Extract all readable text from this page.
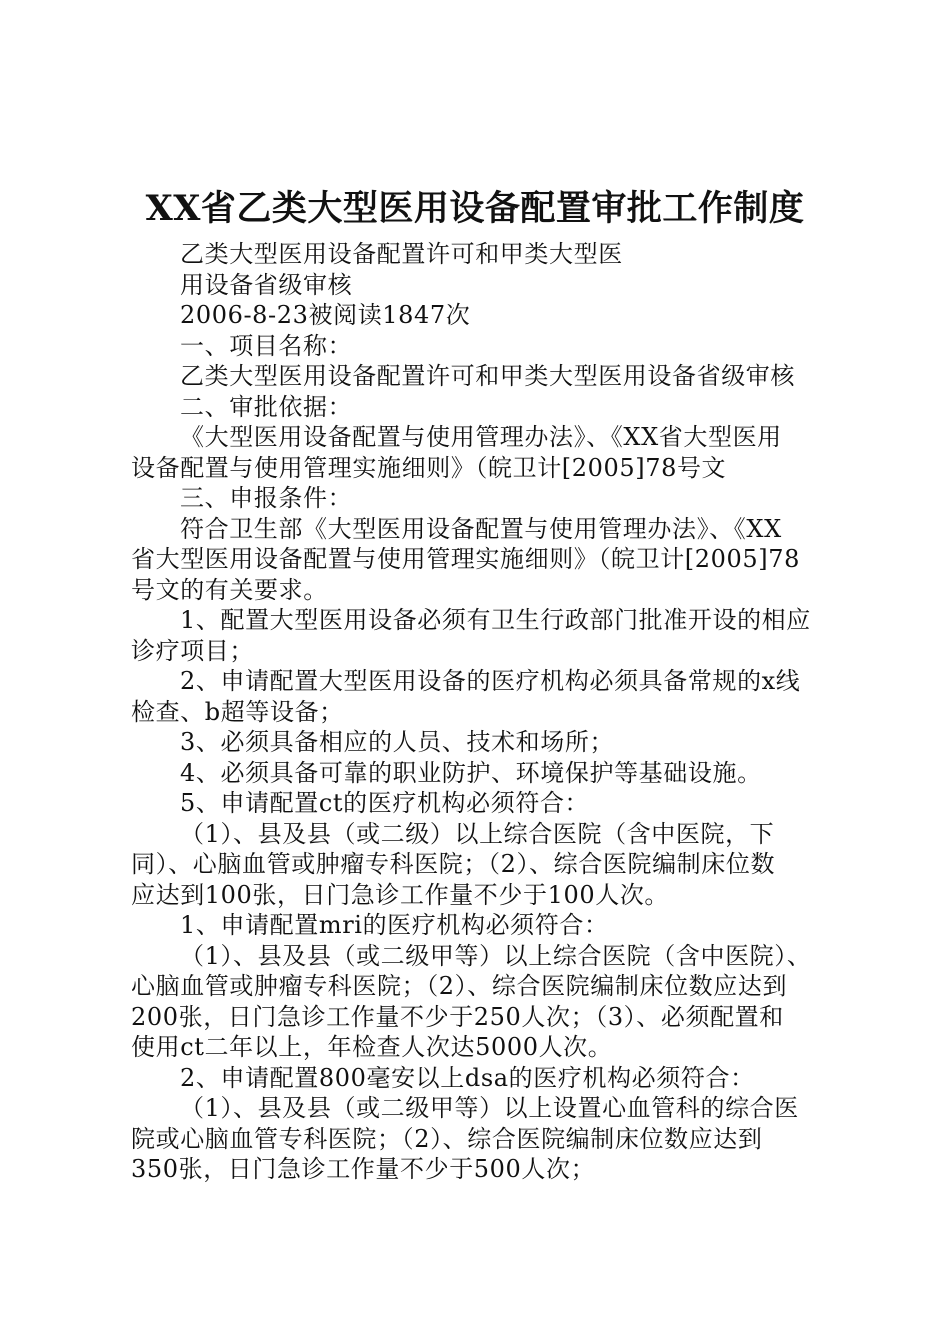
XX省乙类大型医用设备配置审批工作制度
乙类大型医用设备配置许可和甲类大型医
用设备省级审核
2006-8-23被阅读1847次
一、项目名称：
乙类大型医用设备配置许可和甲类大型医用设备省级审核
二、审批依据：
《大型医用设备配置与使用管理办法》、《XX省大型医用
设备配置与使用管理实施细则》（皖卫计[2005]78号文
三、申报条件：
符合卫生部《大型医用设备配置与使用管理办法》、《XX
省大型医用设备配置与使用管理实施细则》（皖卫计[2005]78
号文的有关要求。
1、配置大型医用设备必须有卫生行政部门批准开设的相应
诊疗项目；
2、申请配置大型医用设备的医疗机构必须具备常规的x线
检查、b超等设备；
3、必须具备相应的人员、技术和场所；
4、必须具备可靠的职业防护、环境保护等基础设施。
5、申请配置ct的医疗机构必须符合：
（1）、县及县（或二级）以上综合医院（含中医院，下
同）、心脑血管或肿瘤专科医院；（2）、综合医院编制床位数
应达到100张，日门急诊工作量不少于100人次。
1、申请配置mri的医疗机构必须符合：
（1）、县及县（或二级甲等）以上综合医院（含中医院）、
心脑血管或肿瘤专科医院；（2）、综合医院编制床位数应达到
200张，日门急诊工作量不少于250人次；（3）、必须配置和
使用ct二年以上，年检查人次达5000人次。
2、申请配置800毫安以上dsa的医疗机构必须符合：
（1）、县及县（或二级甲等）以上设置心血管科的综合医
院或心脑血管专科医院；（2）、综合医院编制床位数应达到
350张，日门急诊工作量不少于500人次；
